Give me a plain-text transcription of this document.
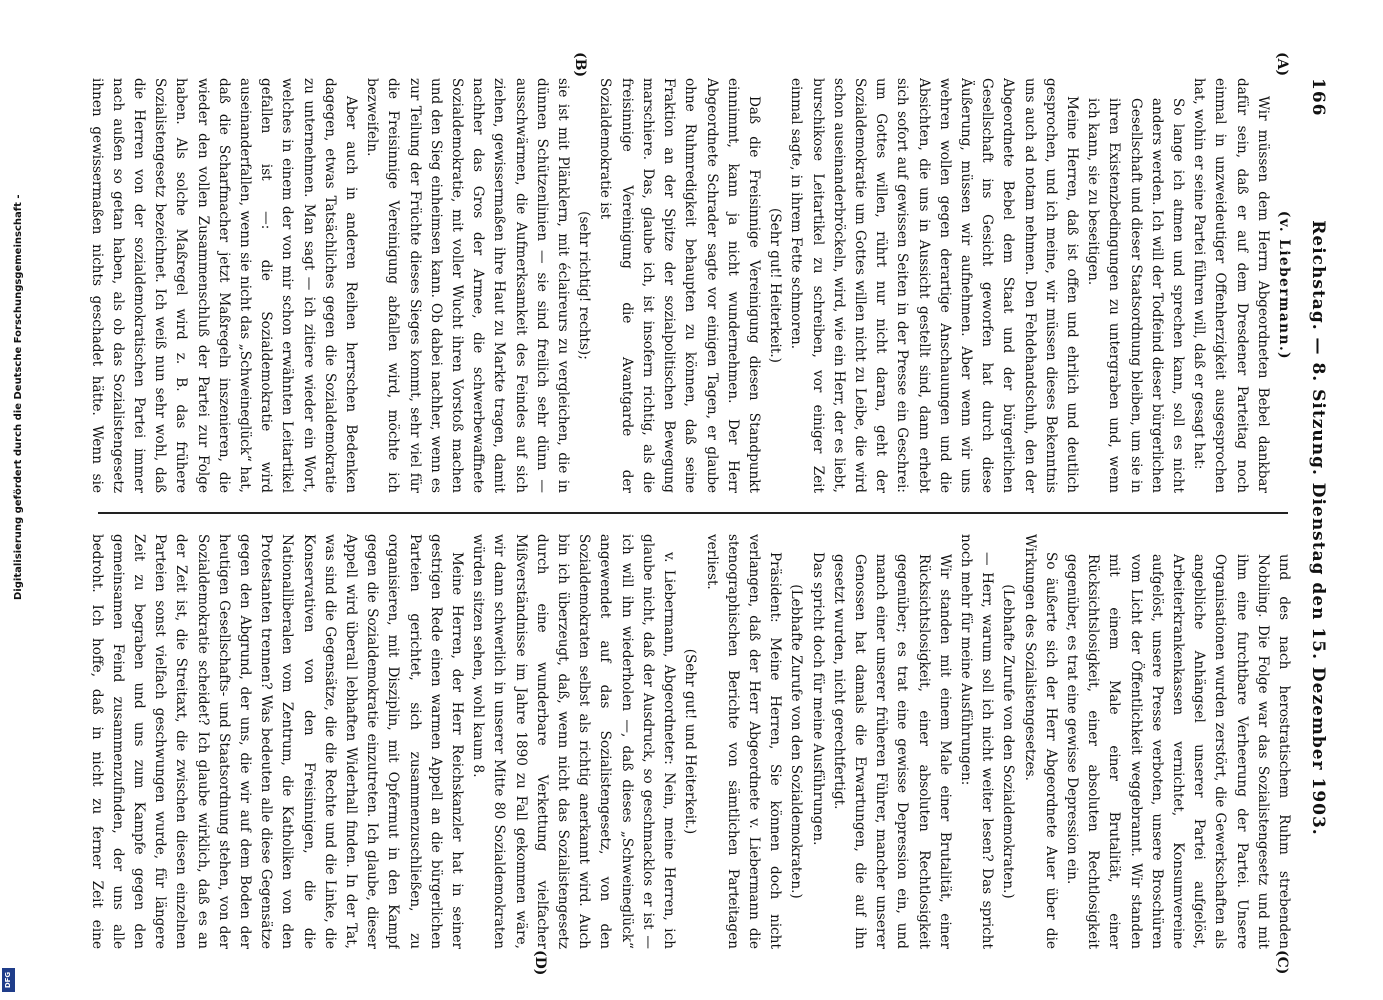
Digitalisierung gefördert durch die Deutsche Forschungsgemeinschaft -
DFG
166
Reichstag. — 8. Sitzung. Dienstag den 15. Dezember 1903.
(A)
(B)
(C)
(D)

(v. Liebermann.)

Wir müssen dem Herrn Abgeordneten Bebel dankbar dafür sein, daß er auf dem Dresdener Parteitag noch einmal in unzweideutiger Offenherzigkeit ausgesprochen hat, wohin er seine Partei führen will, daß er gesagt hat:

So lange ich atmen und sprechen kann, soll es nicht anders werden. Ich will der Todfeind dieser bürgerlichen Gesellschaft und dieser Staatsordnung bleiben, um sie in ihren Existenzbedingungen zu untergraben und, wenn ich kann, sie zu beseitigen.

Meine Herren, daß ist offen und ehrlich und deutlich gesprochen, und ich meine, wir müssen dieses Bekenntnis uns auch ad notam nehmen. Den Fehdehandschuh, den der Abgeordnete Bebel dem Staat und der bürgerlichen Gesellschaft ins Gesicht geworfen hat durch diese Äußerung, müssen wir aufnehmen. Aber wenn wir uns wehren wollen gegen derartige Anschauungen und die Absichten, die uns in Aussicht gestellt sind, dann erhebt sich sofort auf gewissen Seiten in der Presse ein Geschrei: um Gottes willen, rührt nur nicht daran, geht der Sozialdemokratie um Gottes willen nicht zu Leibe, die wird schon auseinanderbröckeln, wird, wie ein Herr, der es liebt, burschikose Leitartikel zu schreiben, vor einiger Zeit einmal sagte, in ihrem Fette schmoren.

(Sehr gut! Heiterkeit.)

Daß die Freisinnige Vereinigung diesen Standpunkt einnimmt, kann ja nicht wundernehmen. Der Herr Abgeordnete Schrader sagte vor einigen Tagen, er glaube ohne Ruhmredigkeit behaupten zu können, daß seine Fraktion an der Spitze der sozialpolitischen Bewegung marschiere. Das, glaube ich, ist insofern richtig, als die freisinnige Vereinigung die Avantgarde der Sozialdemokratie ist

(sehr richtig! rechts);

sie ist mit Plänklern, mit éclaireurs zu vergleichen, die in dünnen Schützenlinien — sie sind freilich sehr dünn — ausschwärmen, die Aufmerksamkeit des Feindes auf sich ziehen, gewissermaßen ihre Haut zu Markte tragen, damit nachher das Gros der Armee, die schwerbewaffnete Sozialdemokratie, mit voller Wucht ihren Vorstoß machen und den Sieg einheimsen kann. Ob dabei nachher, wenn es zur Teilung der Früchte dieses Sieges kommt, sehr viel für die Freisinnige Vereinigung abfallen wird, möchte ich bezweifeln.

Aber auch in anderen Reihen herrschen Bedenken dagegen, etwas Tatsächliches gegen die Sozialdemokratie zu unternehmen. Man sagt — ich zitiere wieder ein Wort, welches in einem der von mir schon erwähnten Leitartikel gefallen ist —: die Sozialdemokratie wird auseinanderfallen, wenn sie nicht das „Schweineglück“ hat, daß die Scharfmacher jetzt Maßregeln inszenieren, die wieder den vollen Zusammenschluß der Partei zur Folge haben. Als solche Maßregel wird z. B. das frühere Sozialistengesetz bezeichnet. Ich weiß nun sehr wohl, daß die Herren von der sozialdemokratischen Partei immer nach außen so getan haben, als ob das Sozialistengesetz ihnen gewissermaßen nichts geschadet hätte. Wenn sie

und des nach herostratischem Ruhm strebenden Nobiling. Die Folge war das Sozialistengesetz und mit ihm eine furchtbare Verheerung der Partei. Unsere Organisationen wurden zerstört, die Gewerkschaften als angebliche Anhängsel unserer Partei aufgelöst, Arbeiterkrankenkassen vernichtet, Konsumvereine aufgelöst, unsere Presse verboten, unsere Broschüren vom Licht der Öffentlichkeit weggebrannt. Wir standen mit einem Male einer Brutalität, einer Rücksichtslosigkeit, einer absoluten Rechtlosigkeit gegenüber, es trat eine gewisse Depression ein.

So äußerte sich der Herr Abgeordnete Auer über die Wirkungen des Sozialistengesetzes.

(Lebhafte Zurufe von den Sozialdemokraten.)

— Herr, warum soll ich nicht weiter lesen? Das spricht noch mehr für meine Ausführungen:

Wir standen mit einem Male einer Brutalität, einer Rücksichtslosigkeit, einer absoluten Rechtlosigkeit gegenüber; es trat eine gewisse Depression ein, und manch einer unserer früheren Führer, mancher unserer Genossen hat damals die Erwartungen, die auf ihn gesetzt wurden, nicht gerechtfertigt.

Das spricht doch für meine Ausführungen.

(Lebhafte Zurufe von den Sozialdemokraten.)

Präsident: Meine Herren, Sie können doch nicht verlangen, daß der Herr Abgeordnete v. Liebermann die stenographischen Berichte von sämtlichen Parteitagen verliest.

(Sehr gut! und Heiterkeit.)

v. Liebermann, Abgeordneter: Nein, meine Herren, ich glaube nicht, daß der Ausdruck, so geschmacklos er ist — ich will ihn wiederholen —, daß dieses „Schweineglück“ angewendet auf das Sozialistengesetz, von den Sozialdemokraten selbst als richtig anerkannt wird. Auch bin ich überzeugt, daß, wenn nicht das Sozialistengesetz durch eine wunderbare Verkettung vielfacher Mißverständnisse im Jahre 1890 zu Fall gekommen wäre, wir dann schwerlich in unserer Mitte 80 Sozialdemokraten würden sitzen sehen, wohl kaum 8.

Meine Herren, der Herr Reichskanzler hat in seiner gestrigen Rede einen warmen Appell an die bürgerlichen Parteien gerichtet, sich zusammenzuschließen, zu organisieren, mit Disziplin, mit Opfermut in den Kampf gegen die Sozialdemokratie einzutreten. Ich glaube, dieser Appell wird überall lebhaften Widerhall finden. In der Tat, was sind die Gegensätze, die die Rechte und die Linke, die Konservativen von den Freisinnigen, die die Nationalliberalen vom Zentrum, die Katholiken von den Protestanten trennen? Was bedeuten alle diese Gegensätze gegen den Abgrund, der uns, die wir auf dem Boden der heutigen Gesellschafts- und Staatsordnung stehen, von der Sozialdemokratie scheidet? Ich glaube wirklich, daß es an der Zeit ist, die Streitaxt, die zwischen diesen einzelnen Parteien sonst vielfach geschwungen wurde, für längere Zeit zu begraben und uns zum Kampfe gegen den gemeinsamen Feind zusammenzufinden, der uns alle bedroht. Ich hoffe, daß in nicht zu ferner Zeit eine
